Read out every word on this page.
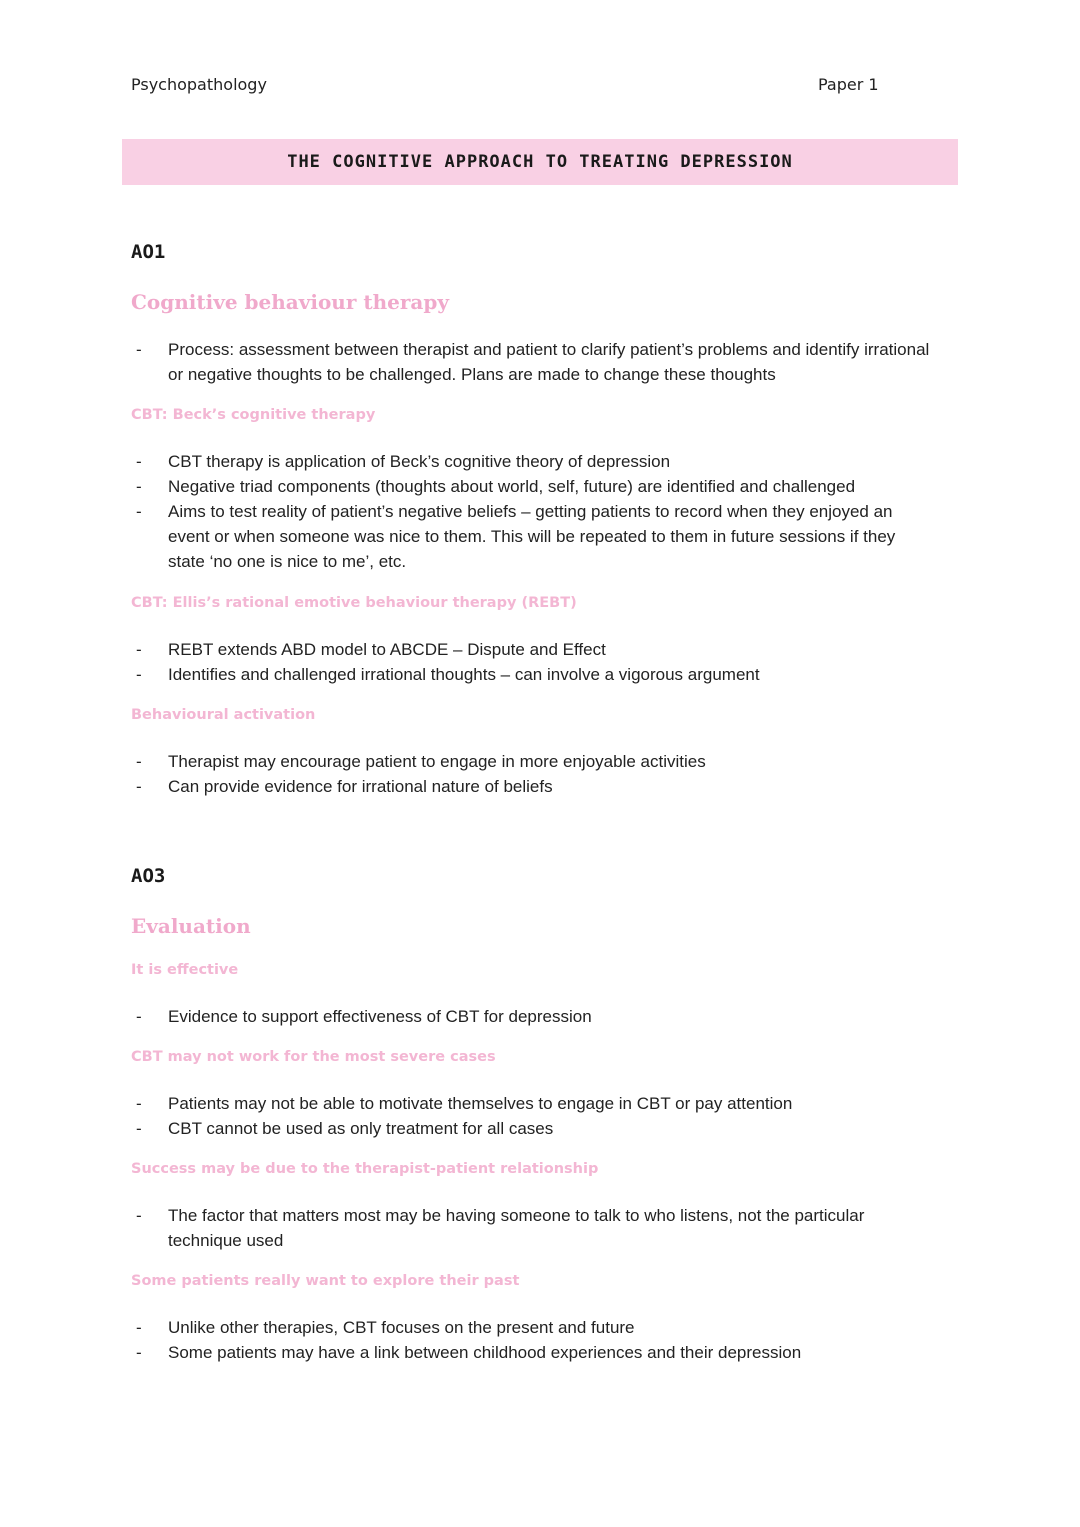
Psychopathology	Paper 1
THE COGNITIVE APPROACH TO TREATING DEPRESSION
AO1
Cognitive behaviour therapy
- Process: assessment between therapist and patient to clarify patient’s problems and identify irrational or negative thoughts to be challenged. Plans are made to change these thoughts
CBT: Beck’s cognitive therapy
- CBT therapy is application of Beck’s cognitive theory of depression
- Negative triad components (thoughts about world, self, future) are identified and challenged
- Aims to test reality of patient’s negative beliefs – getting patients to record when they enjoyed an event or when someone was nice to them. This will be repeated to them in future sessions if they state ‘no one is nice to me’, etc.
CBT: Ellis’s rational emotive behaviour therapy (REBT)
- REBT extends ABD model to ABCDE – Dispute and Effect
- Identifies and challenged irrational thoughts – can involve a vigorous argument
Behavioural activation
- Therapist may encourage patient to engage in more enjoyable activities
- Can provide evidence for irrational nature of beliefs
AO3
Evaluation
It is effective
- Evidence to support effectiveness of CBT for depression
CBT may not work for the most severe cases
- Patients may not be able to motivate themselves to engage in CBT or pay attention
- CBT cannot be used as only treatment for all cases
Success may be due to the therapist-patient relationship
- The factor that matters most may be having someone to talk to who listens, not the particular technique used
Some patients really want to explore their past
- Unlike other therapies, CBT focuses on the present and future
- Some patients may have a link between childhood experiences and their depression
